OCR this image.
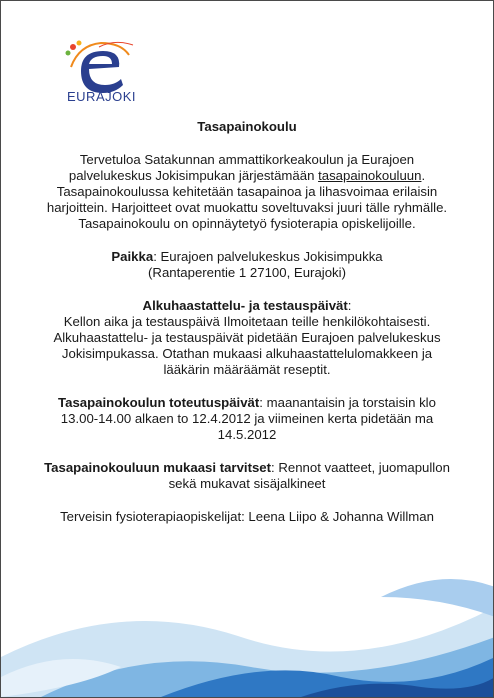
EURAJOKI
Tasapainokoulu

Tervetuloa Satakunnan ammattikorkeakoulun ja Eurajoen palvelukeskus Jokisimpukan järjestämään tasapainokouluun. Tasapainokoulussa kehitetään tasapainoa ja lihasvoimaa erilaisin harjoittein. Harjoitteet ovat muokattu soveltuvaksi juuri tälle ryhmälle. Tasapainokoulu on opinnäytetyö fysioterapia opiskelijoille.

Paikka: Eurajoen palvelukeskus Jokisimpukka
(Rantaperentie 1 27100, Eurajoki)

Alkuhaastattelu- ja testauspäivät:
Kellon aika ja testauspäivä Ilmoitetaan teille henkilökohtaisesti. Alkuhaastattelu- ja testauspäivät pidetään Eurajoen palvelukeskus Jokisimpukassa. Otathan mukaasi alkuhaastattelulomakkeen ja lääkärin määräämät reseptit.

Tasapainokoulun toteutuspäivät: maanantaisin ja torstaisin klo 13.00-14.00 alkaen to 12.4.2012 ja viimeinen kerta pidetään ma 14.5.2012

Tasapainokouluun mukaasi tarvitset: Rennot vaatteet, juomapullon sekä mukavat sisäjalkineet

Terveisin fysioterapiaopiskelijat: Leena Liipo & Johanna Willman
